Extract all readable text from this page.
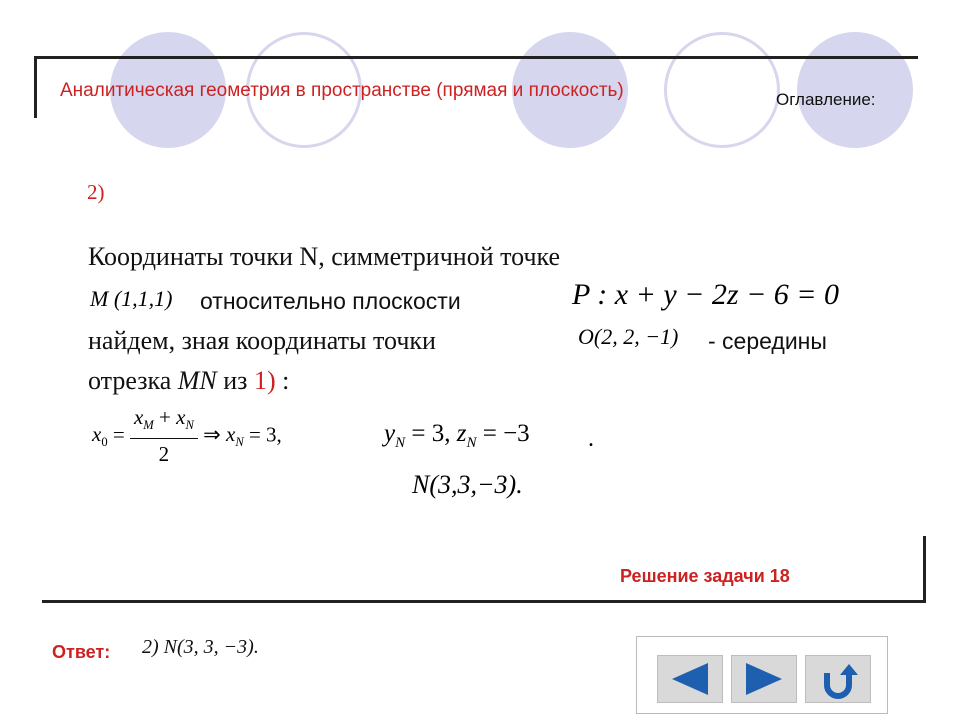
Аналитическая геометрия в пространстве (прямая и плоскость)	Оглавление:
2)
Координаты точки N, симметричной точке
M (1,1,1) относительно плоскости	P : x + y − 2z − 6 = 0
найдем, зная координаты точки	O(2, 2, −1) - середины
отрезка MN из 1) :
$x_0 = \frac{x_M + x_N}{2}$ ⇒ $x_N = 3$,	$y_N = 3$, $z_N = -3$ .
N(3,3,−3).
Решение задачи 18
Ответ: 2) N(3, 3, −3).
